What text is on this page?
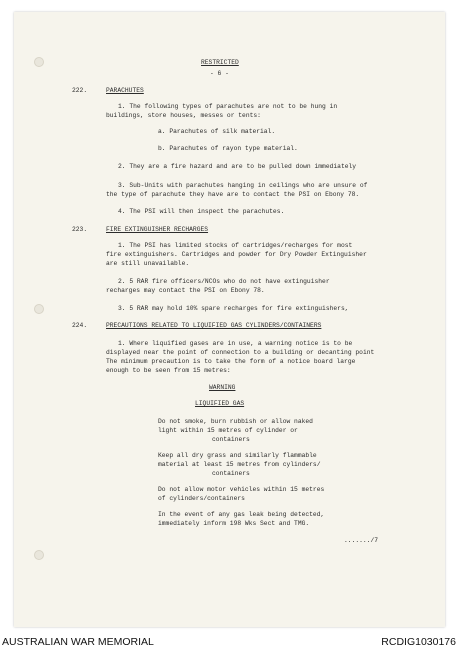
RESTRICTED
- 6 -
222.	PARACHUTES
1. The following types of parachutes are not to be hung in
buildings, store houses, messes or tents:
a. Parachutes of silk material.
b. Parachutes of rayon type material.
2. They are a fire hazard and are to be pulled down immediately
3. Sub-Units with parachutes hanging in ceilings who are unsure of
the type of parachute they have are to contact the PSI on Ebony 78.
4. The PSI will then inspect the parachutes.
223.	FIRE EXTINGUISHER RECHARGES
1. The PSI has limited stocks of cartridges/recharges for most
fire extinguishers. Cartridges and powder for Dry Powder Extinguisher
are still unavailable.
2. 5 RAR fire officers/NCOs who do not have extinguisher
recharges may contact the PSI on Ebony 78.
3. 5 RAR may hold 10% spare recharges for fire extinguishers,
224.	PRECAUTIONS RELATED TO LIQUIFIED GAS CYLINDERS/CONTAINERS
1. Where liquified gases are in use, a warning notice is to be
displayed near the point of connection to a building or decanting point
The minimum precaution is to take the form of a notice board large
enough to be seen from 15 metres:
WARNING
LIQUIFIED GAS
Do not smoke, burn rubbish or allow naked
light within 15 metres of cylinder or
containers
Keep all dry grass and similarly flammable
material at least 15 metres from cylinders/
containers
Do not allow motor vehicles within 15 metres
of cylinders/containers
In the event of any gas leak being detected,
immediately inform 198 Wks Sect and TMG.
......./7
AUSTRALIAN WAR MEMORIAL	RCDIG1030176
